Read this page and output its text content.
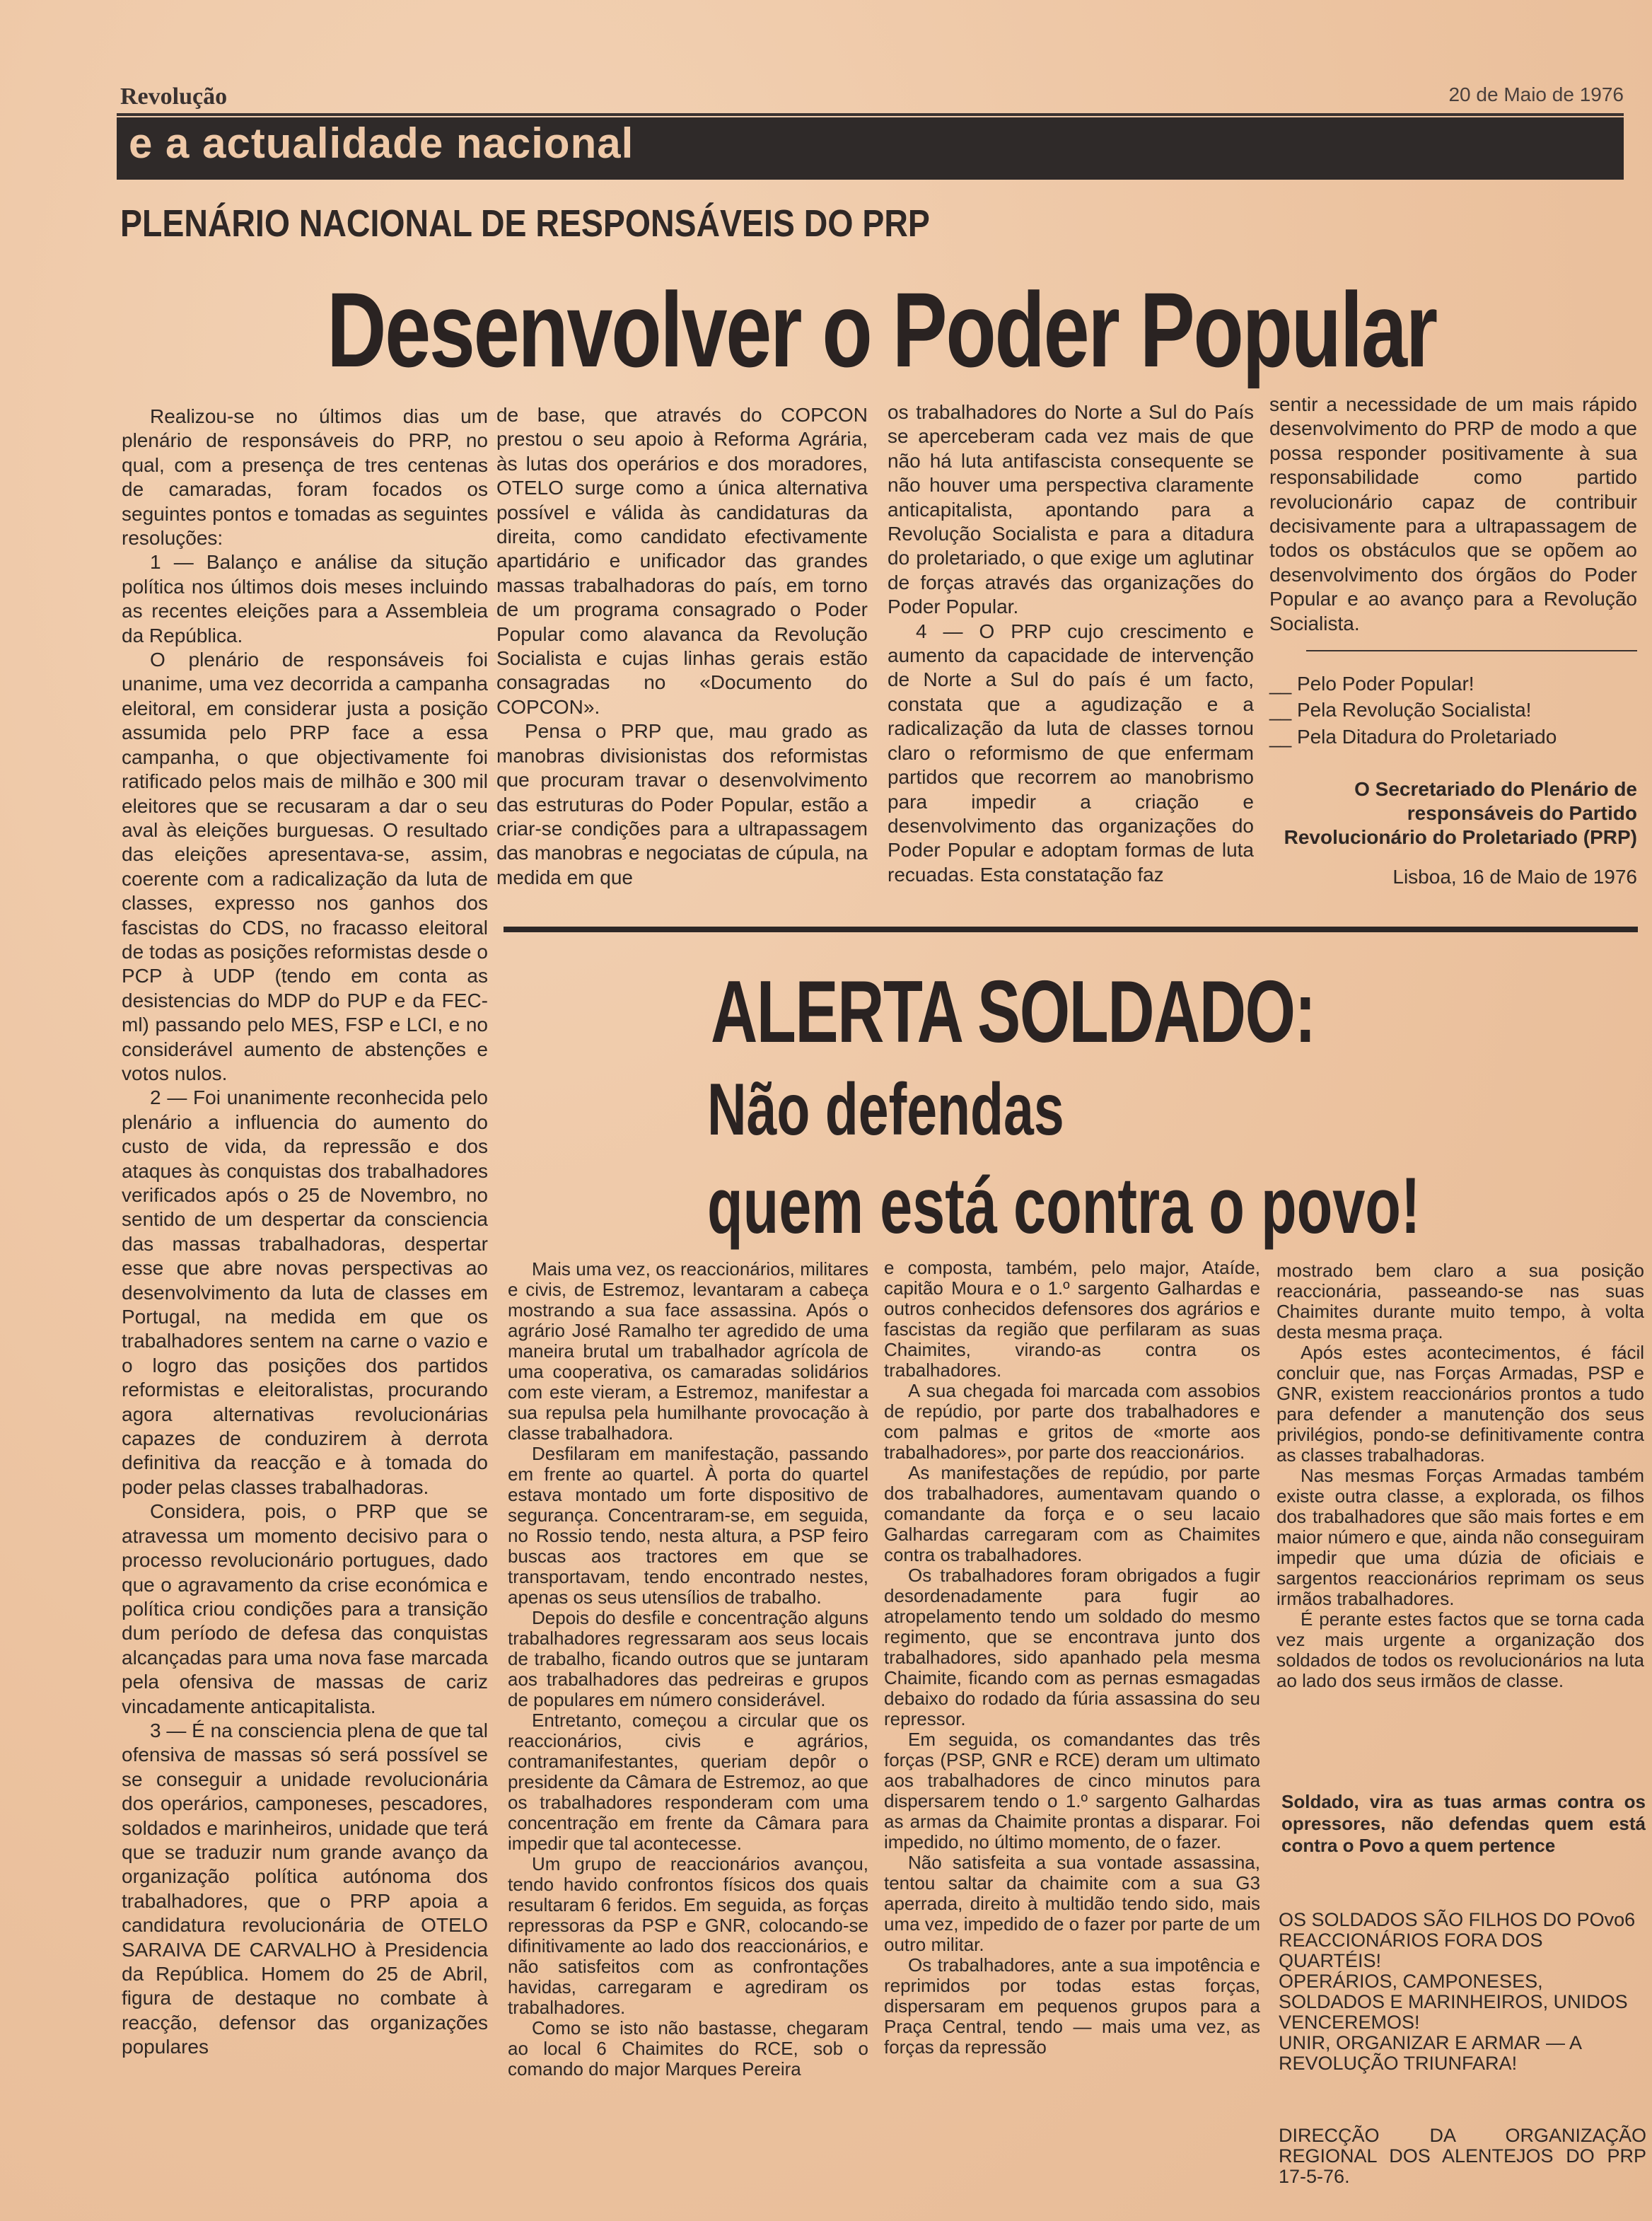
Revolução	20 de Maio de 1976
e a actualidade nacional
PLENÁRIO NACIONAL DE RESPONSÁVEIS DO PRP
Desenvolver o Poder Popular

Realizou-se no últimos dias um plenário de responsáveis do PRP, no qual, com a presença de tres centenas de camaradas, foram focados os seguintes pontos e tomadas as seguintes resoluções:

1 — Balanço e análise da situção política nos últimos dois meses incluindo as recentes eleições para a Assembleia da República.

O plenário de responsáveis foi unanime, uma vez decorrida a campanha eleitoral, em considerar justa a posição assumida pelo PRP face a essa campanha, o que objectivamente foi ratificado pelos mais de milhão e 300 mil eleitores que se recusaram a dar o seu aval às eleições burguesas. O resultado das eleições apresentava-se, assim, coerente com a radicalização da luta de classes, expresso nos ganhos dos fascistas do CDS, no fracasso eleitoral de todas as posições reformistas desde o PCP à UDP (tendo em conta as desistencias do MDP do PUP e da FEC-ml) passando pelo MES, FSP e LCI, e no considerável aumento de abstenções e votos nulos.

2 — Foi unanimente reconhecida pelo plenário a influencia do aumento do custo de vida, da repressão e dos ataques às conquistas dos trabalhadores verificados após o 25 de Novembro, no sentido de um despertar da consciencia das massas trabalhadoras, despertar esse que abre novas perspectivas ao desenvolvimento da luta de classes em Portugal, na medida em que os trabalhadores sentem na carne o vazio e o logro das posições dos partidos reformistas e eleitoralistas, procurando agora alternativas revolucionárias capazes de conduzirem à derrota definitiva da reacção e à tomada do poder pelas classes trabalhadoras.

Considera, pois, o PRP que se atravessa um momento decisivo para o processo revolucionário portugues, dado que o agravamento da crise económica e política criou condições para a transição dum período de defesa das conquistas alcançadas para uma nova fase marcada pela ofensiva de massas de cariz vincadamente anticapitalista.

3 — É na consciencia plena de que tal ofensiva de massas só será possível se se conseguir a unidade revolucionária dos operários, camponeses, pescadores, soldados e marinheiros, unidade que terá que se traduzir num grande avanço da organização política autónoma dos trabalhadores, que o PRP apoia a candidatura revolucionária de OTELO SARAIVA DE CARVALHO à Presidencia da República. Homem do 25 de Abril, figura de destaque no combate à reacção, defensor das organizações populares

de base, que através do COPCON prestou o seu apoio à Reforma Agrária, às lutas dos operários e dos moradores, OTELO surge como a única alternativa possível e válida às candidaturas da direita, como candidato efectivamente apartidário e unificador das grandes massas trabalhadoras do país, em torno de um programa consagrado o Poder Popular como alavanca da Revolução Socialista e cujas linhas gerais estão consagradas no «Documento do COPCON».

Pensa o PRP que, mau grado as manobras divisionistas dos reformistas que procuram travar o desenvolvimento das estruturas do Poder Popular, estão a criar-se condições para a ultrapassagem das manobras e negociatas de cúpula, na medida em que

os trabalhadores do Norte a Sul do País se aperceberam cada vez mais de que não há luta antifascista consequente se não houver uma perspectiva claramente anticapitalista, apontando para a Revolução Socialista e para a ditadura do proletariado, o que exige um aglutinar de forças através das organizações do Poder Popular.

4 — O PRP cujo crescimento e aumento da capacidade de intervenção de Norte a Sul do país é um facto, constata que a agudização e a radicalização da luta de classes tornou claro o reformismo de que enfermam partidos que recorrem ao manobrismo para impedir a criação e desenvolvimento das organizações do Poder Popular e adoptam formas de luta recuadas. Esta constatação faz

sentir a necessidade de um mais rápido desenvolvimento do PRP de modo a que possa responder positivamente à sua responsabilidade como partido revolucionário capaz de contribuir decisivamente para a ultrapassagem de todos os obstáculos que se opõem ao desenvolvimento dos órgãos do Poder Popular e ao avanço para a Revolução Socialista.

__ Pelo Poder Popular!
__ Pela Revolução Socialista!
__ Pela Ditadura do Proletariado
O Secretariado do Plenário de responsáveis do Partido Revolucionário do Proletariado (PRP)
Lisboa, 16 de Maio de 1976
ALERTA SOLDADO:
Não defendas
quem está contra o povo!

Mais uma vez, os reaccionários, militares e civis, de Estremoz, levantaram a cabeça mostrando a sua face assassina. Após o agrário José Ramalho ter agredido de uma maneira brutal um trabalhador agrícola de uma cooperativa, os camaradas solidários com este vieram, a Estremoz, manifestar a sua repulsa pela humilhante provocação à classe trabalhadora.

Desfilaram em manifestação, passando em frente ao quartel. À porta do quartel estava montado um forte dispositivo de segurança. Concentraram-se, em seguida, no Rossio tendo, nesta altura, a PSP feiro buscas aos tractores em que se transportavam, tendo encontrado nestes, apenas os seus utensílios de trabalho.

Depois do desfile e concentração alguns trabalhadores regressaram aos seus locais de trabalho, ficando outros que se juntaram aos trabalhadores das pedreiras e grupos de populares em número considerável.

Entretanto, começou a circular que os reaccionários, civis e agrários, contramanifestantes, queriam depôr o presidente da Câmara de Estremoz, ao que os trabalhadores responderam com uma concentração em frente da Câmara para impedir que tal acontecesse.

Um grupo de reaccionários avançou, tendo havido confrontos físicos dos quais resultaram 6 feridos. Em seguida, as forças repressoras da PSP e GNR, colocando-se difinitivamente ao lado dos reaccionários, e não satisfeitos com as confrontações havidas, carregaram e agrediram os trabalhadores.

Como se isto não bastasse, chegaram ao local 6 Chaimites do RCE, sob o comando do major Marques Pereira

e composta, também, pelo major, Ataíde, capitão Moura e o 1.º sargento Galhardas e outros conhecidos defensores dos agrários e fascistas da região que perfilaram as suas Chaimites, virando-as contra os trabalhadores.

A sua chegada foi marcada com assobios de repúdio, por parte dos trabalhadores e com palmas e gritos de «morte aos trabalhadores», por parte dos reaccionários.

As manifestações de repúdio, por parte dos trabalhadores, aumentavam quando o comandante da força e o seu lacaio Galhardas carregaram com as Chaimites contra os trabalhadores.

Os trabalhadores foram obrigados a fugir desordenadamente para fugir ao atropelamento tendo um soldado do mesmo regimento, que se encontrava junto dos trabalhadores, sido apanhado pela mesma Chaimite, ficando com as pernas esmagadas debaixo do rodado da fúria assassina do seu repressor.

Em seguida, os comandantes das três forças (PSP, GNR e RCE) deram um ultimato aos trabalhadores de cinco minutos para dispersarem tendo o 1.º sargento Galhardas as armas da Chaimite prontas a disparar. Foi impedido, no último momento, de o fazer.

Não satisfeita a sua vontade assassina, tentou saltar da chaimite com a sua G3 aperrada, direito à multidão tendo sido, mais uma vez, impedido de o fazer por parte de um outro militar.

Os trabalhadores, ante a sua impotência e reprimidos por todas estas forças, dispersaram em pequenos grupos para a Praça Central, tendo — mais uma vez, as forças da repressão

mostrado bem claro a sua posição reaccionária, passeando-se nas suas Chaimites durante muito tempo, à volta desta mesma praça.

Após estes acontecimentos, é fácil concluir que, nas Forças Armadas, PSP e GNR, existem reaccionários prontos a tudo para defender a manutenção dos seus privilégios, pondo-se definitivamente contra as classes trabalhadoras.

Nas mesmas Forças Armadas também existe outra classe, a explorada, os filhos dos trabalhadores que são mais fortes e em maior número e que, ainda não conseguiram impedir que uma dúzia de oficiais e sargentos reaccionários reprimam os seus irmãos trabalhadores.

É perante estes factos que se torna cada vez mais urgente a organização dos soldados de todos os revolucionários na luta ao lado dos seus irmãos de classe.

Soldado, vira as tuas armas contra os opressores, não defendas quem está contra o Povo a quem pertence
OS SOLDADOS SÃO FILHOS DO POvo6
REACCIONÁRIOS FORA DOS QUARTÉIS!
OPERÁRIOS, CAMPONESES, SOLDADOS E MARINHEIROS, UNIDOS VENCEREMOS!
UNIR, ORGANIZAR E ARMAR — A REVOLUÇÃO TRIUNFARA!
DIRECÇÃO DA ORGANIZAÇÃO REGIONAL DOS ALENTEJOS DO PRP 17-5-76.
